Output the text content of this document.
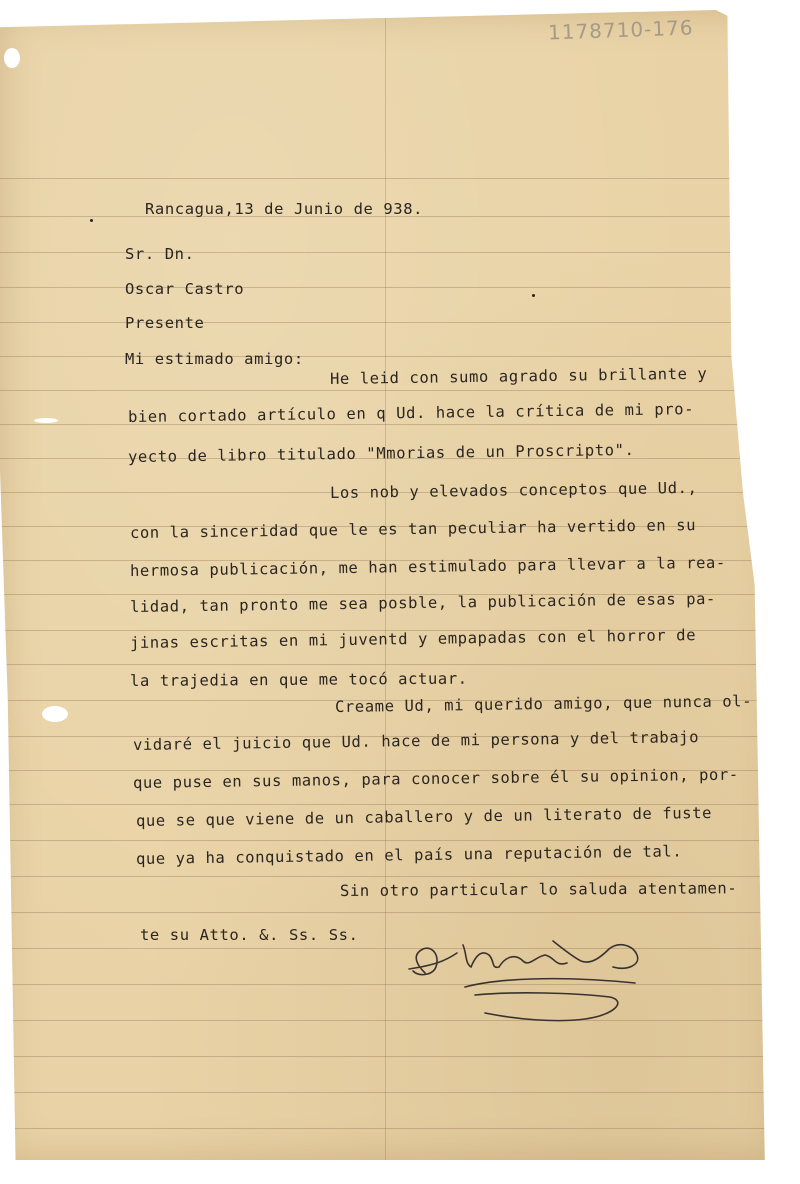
1178710-176
Rancagua,13 de Junio de 938.
Sr. Dn.
Oscar Castro
Presente
Mi estimado amigo:
He leid con sumo agrado su brillante y
bien cortado artículo en q Ud. hace la crítica de mi pro-
yecto de libro titulado "Mmorias de un Proscripto".
Los nob y elevados conceptos que Ud.,
con la sinceridad que le es tan peculiar ha vertido en su
hermosa publicación, me han estimulado para llevar a la rea-
lidad, tan pronto me sea posble, la publicación de esas pa-
jinas escritas en mi juventd y empapadas con el horror de
la trajedia en que me tocó actuar.
Creame Ud, mi querido amigo, que nunca ol-
vidaré el juicio que Ud. hace de mi persona y del trabajo
que puse en sus manos, para conocer sobre él su opinion, por-
que se que viene de un caballero y de un literato de fuste
que ya ha conquistado en el país una reputación de tal.
Sin otro particular lo saluda atentamen-
te su Atto. &. Ss. Ss.
